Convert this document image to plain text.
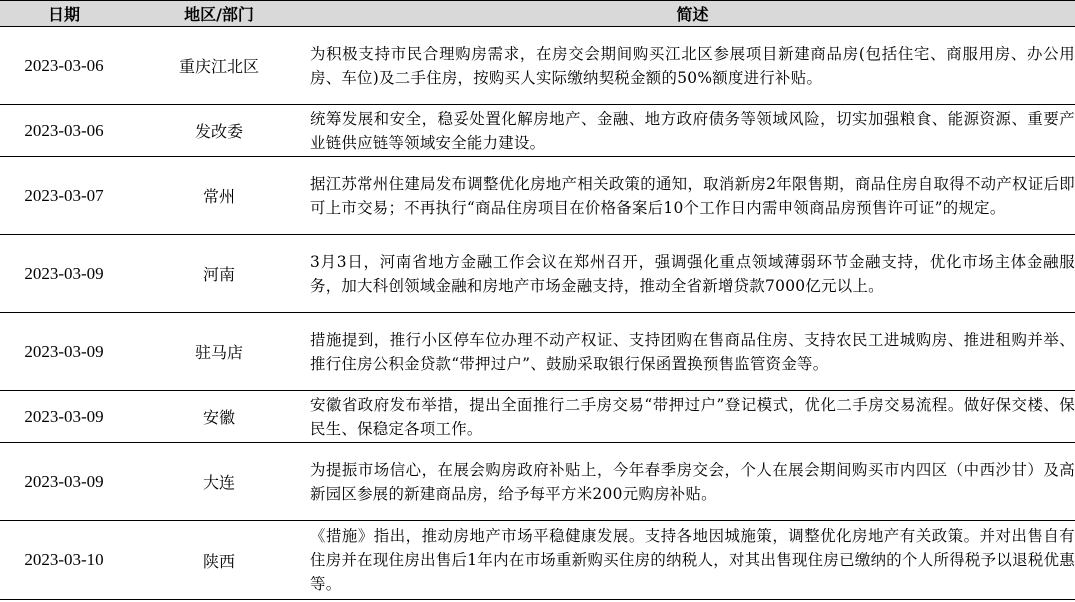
日期	地区/部门	简述
2023-03-06	重庆江北区	为积极支持市民合理购房需求，在房交会期间购买江北区参展项目新建商品房(包括住宅、商服用房、办公用房、车位)及二手住房，按购买人实际缴纳契税金额的50%额度进行补贴。
2023-03-06	发改委	统筹发展和安全，稳妥处置化解房地产、金融、地方政府债务等领域风险，切实加强粮食、能源资源、重要产业链供应链等领域安全能力建设。
2023-03-07	常州	据江苏常州住建局发布调整优化房地产相关政策的通知，取消新房2年限售期，商品住房自取得不动产权证后即可上市交易；不再执行“商品住房项目在价格备案后10个工作日内需申领商品房预售许可证”的规定。
2023-03-09	河南	3月3日，河南省地方金融工作会议在郑州召开，强调强化重点领域薄弱环节金融支持，优化市场主体金融服务，加大科创领域金融和房地产市场金融支持，推动全省新增贷款7000亿元以上。
2023-03-09	驻马店	措施提到，推行小区停车位办理不动产权证、支持团购在售商品住房、支持农民工进城购房、推进租购并举、推行住房公积金贷款“带押过户”、鼓励采取银行保函置换预售监管资金等。
2023-03-09	安徽	安徽省政府发布举措，提出全面推行二手房交易“带押过户”登记模式，优化二手房交易流程。做好保交楼、保民生、保稳定各项工作。
2023-03-09	大连	为提振市场信心，在展会购房政府补贴上，今年春季房交会，个人在展会期间购买市内四区（中西沙甘）及高新园区参展的新建商品房，给予每平方米200元购房补贴。
2023-03-10	陕西	《措施》指出，推动房地产市场平稳健康发展。支持各地因城施策，调整优化房地产有关政策。并对出售自有住房并在现住房出售后1年内在市场重新购买住房的纳税人，对其出售现住房已缴纳的个人所得税予以退税优惠等。
